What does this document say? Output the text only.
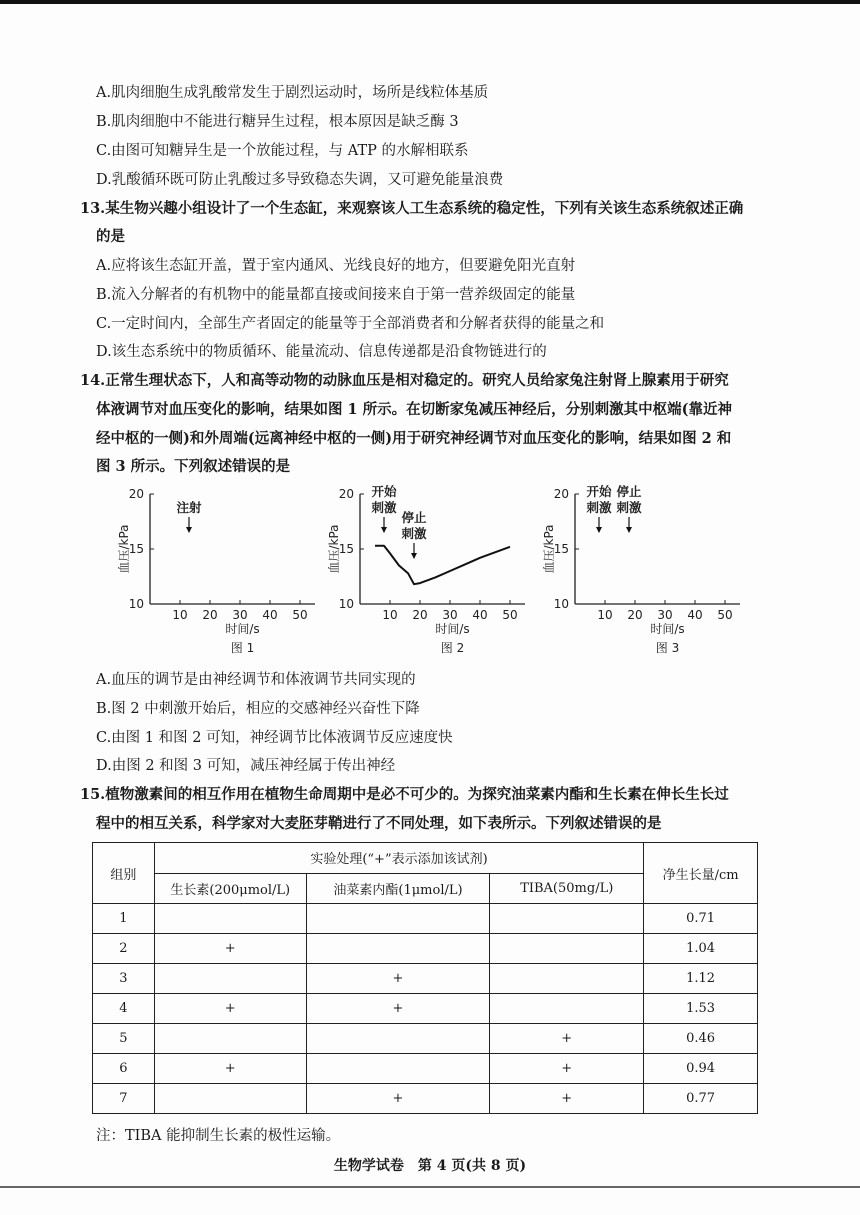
A.肌肉细胞生成乳酸常发生于剧烈运动时，场所是线粒体基质
B.肌肉细胞中不能进行糖异生过程，根本原因是缺乏酶 3
C.由图可知糖异生是一个放能过程，与 ATP 的水解相联系
D.乳酸循环既可防止乳酸过多导致稳态失调，又可避免能量浪费
13.某生物兴趣小组设计了一个生态缸，来观察该人工生态系统的稳定性，下列有关该生态系统叙述正确
的是
A.应将该生态缸开盖，置于室内通风、光线良好的地方，但要避免阳光直射
B.流入分解者的有机物中的能量都直接或间接来自于第一营养级固定的能量
C.一定时间内，全部生产者固定的能量等于全部消费者和分解者获得的能量之和
D.该生态系统中的物质循环、能量流动、信息传递都是沿食物链进行的
14.正常生理状态下，人和高等动物的动脉血压是相对稳定的。研究人员给家兔注射肾上腺素用于研究
体液调节对血压变化的影响，结果如图 1 所示。在切断家兔减压神经后，分别刺激其中枢端(靠近神
经中枢的一侧)和外周端(远离神经中枢的一侧)用于研究神经调节对血压变化的影响，结果如图 2 和
图 3 所示。下列叙述错误的是
10
15
20
10 20 30 40 50
时间/s
血压/kPa
图 1
注射
10
15
20
10 20 30 40 50
时间/s
血压/kPa
图 2
开始
刺激
停止
刺激
10
15
20
10 20 30 40 50
时间/s
血压/kPa
图 3
开始
刺激
停止
刺激
A.血压的调节是由神经调节和体液调节共同实现的
B.图 2 中刺激开始后，相应的交感神经兴奋性下降
C.由图 1 和图 2 可知，神经调节比体液调节反应速度快
D.由图 2 和图 3 可知，减压神经属于传出神经
15.植物激素间的相互作用在植物生命周期中是必不可少的。为探究油菜素内酯和生长素在伸长生长过
程中的相互关系，科学家对大麦胚芽鞘进行了不同处理，如下表所示。下列叙述错误的是
组别	实验处理(“+”表示添加该试剂)			净生长量/cm
	生长素(200μmol/L)	油菜素内酯(1μmol/L)	TIBA(50mg/L)	
1				0.71
2	+			1.04
3		+		1.12
4	+	+		1.53
5			+	0.46
6	+		+	0.94
7		+	+	0.77
注：TIBA 能抑制生长素的极性运输。
生物学试卷　第 4 页(共 8 页)
